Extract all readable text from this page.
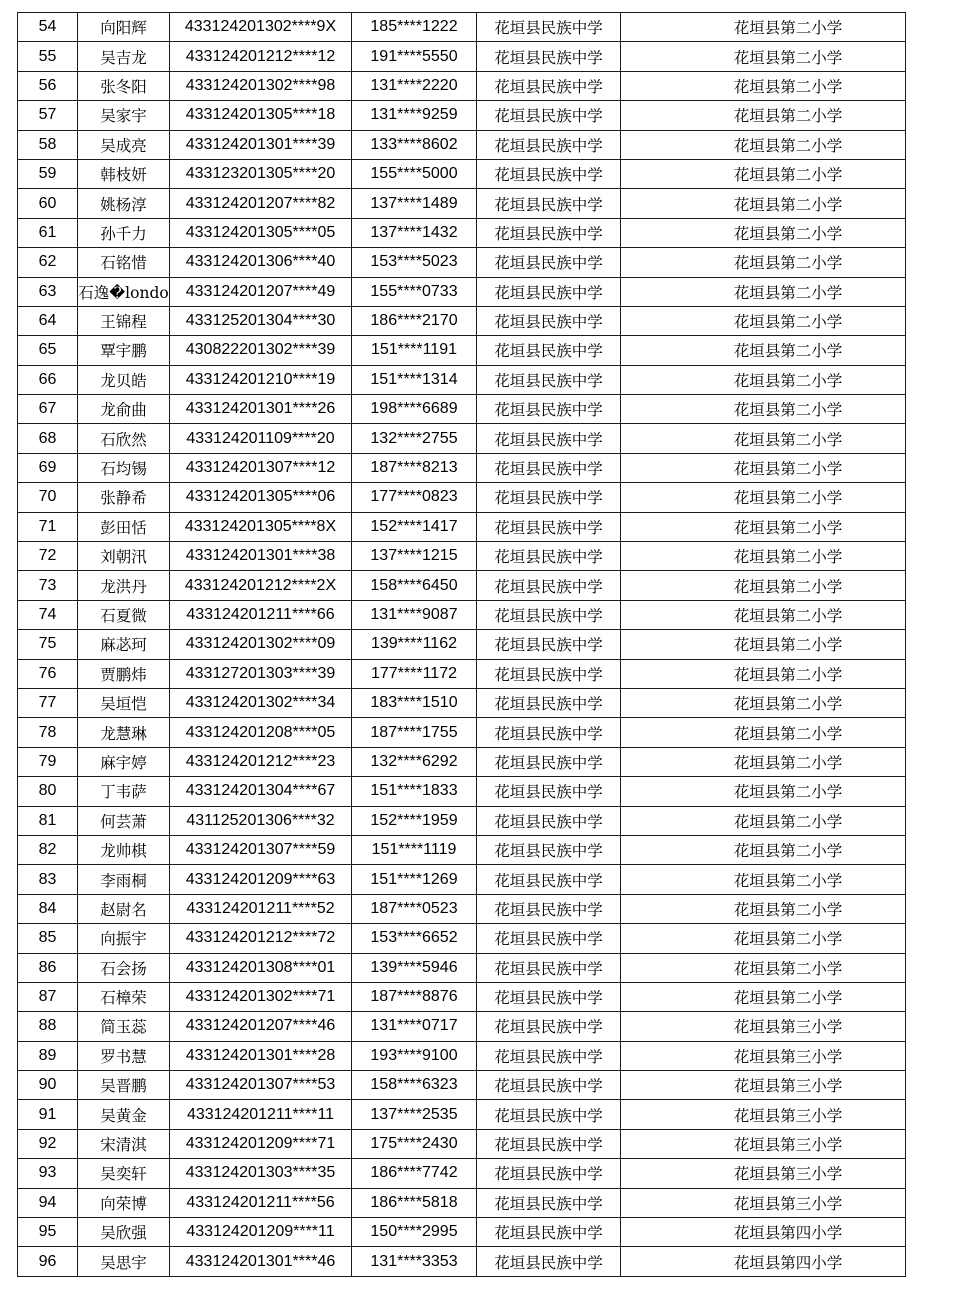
54	向阳辉	433124201302****9X	185****1222	花垣县民族中学	花垣县第二小学
55	吴吉龙	433124201212****12	191****5550	花垣县民族中学	花垣县第二小学
56	张冬阳	433124201302****98	131****2220	花垣县民族中学	花垣县第二小学
57	吴家宇	433124201305****18	131****9259	花垣县民族中学	花垣县第二小学
58	吴成亮	433124201301****39	133****8602	花垣县民族中学	花垣县第二小学
59	韩枝妍	433123201305****20	155****5000	花垣县民族中学	花垣县第二小学
60	姚杨淳	433124201207****82	137****1489	花垣县民族中学	花垣县第二小学
61	孙千力	433124201305****05	137****1432	花垣县民族中学	花垣县第二小学
62	石铭惜	433124201306****40	153****5023	花垣县民族中学	花垣县第二小学
63	石逸�londo	433124201207****49	155****0733	花垣县民族中学	花垣县第二小学
64	王锦程	433125201304****30	186****2170	花垣县民族中学	花垣县第二小学
65	覃宇鹏	430822201302****39	151****1191	花垣县民族中学	花垣县第二小学
66	龙贝皓	433124201210****19	151****1314	花垣县民族中学	花垣县第二小学
67	龙俞曲	433124201301****26	198****6689	花垣县民族中学	花垣县第二小学
68	石欣然	433124201109****20	132****2755	花垣县民族中学	花垣县第二小学
69	石均锡	433124201307****12	187****8213	花垣县民族中学	花垣县第二小学
70	张静希	433124201305****06	177****0823	花垣县民族中学	花垣县第二小学
71	彭田恬	433124201305****8X	152****1417	花垣县民族中学	花垣县第二小学
72	刘朝汛	433124201301****38	137****1215	花垣县民族中学	花垣县第二小学
73	龙洪丹	433124201212****2X	158****6450	花垣县民族中学	花垣县第二小学
74	石夏微	433124201211****66	131****9087	花垣县民族中学	花垣县第二小学
75	麻苾珂	433124201302****09	139****1162	花垣县民族中学	花垣县第二小学
76	贾鹏炜	433127201303****39	177****1172	花垣县民族中学	花垣县第二小学
77	吴垣恺	433124201302****34	183****1510	花垣县民族中学	花垣县第二小学
78	龙慧琳	433124201208****05	187****1755	花垣县民族中学	花垣县第二小学
79	麻宇婷	433124201212****23	132****6292	花垣县民族中学	花垣县第二小学
80	丁韦萨	433124201304****67	151****1833	花垣县民族中学	花垣县第二小学
81	何芸萧	431125201306****32	152****1959	花垣县民族中学	花垣县第二小学
82	龙帅棋	433124201307****59	151****1119	花垣县民族中学	花垣县第二小学
83	李雨桐	433124201209****63	151****1269	花垣县民族中学	花垣县第二小学
84	赵尉名	433124201211****52	187****0523	花垣县民族中学	花垣县第二小学
85	向振宇	433124201212****72	153****6652	花垣县民族中学	花垣县第二小学
86	石会扬	433124201308****01	139****5946	花垣县民族中学	花垣县第二小学
87	石樟荣	433124201302****71	187****8876	花垣县民族中学	花垣县第二小学
88	简玉蕊	433124201207****46	131****0717	花垣县民族中学	花垣县第三小学
89	罗书慧	433124201301****28	193****9100	花垣县民族中学	花垣县第三小学
90	吴晋鹏	433124201307****53	158****6323	花垣县民族中学	花垣县第三小学
91	吴黄金	433124201211****11	137****2535	花垣县民族中学	花垣县第三小学
92	宋清淇	433124201209****71	175****2430	花垣县民族中学	花垣县第三小学
93	吴奕轩	433124201303****35	186****7742	花垣县民族中学	花垣县第三小学
94	向荣博	433124201211****56	186****5818	花垣县民族中学	花垣县第三小学
95	吴欣强	433124201209****11	150****2995	花垣县民族中学	花垣县第四小学
96	吴思宇	433124201301****46	131****3353	花垣县民族中学	花垣县第四小学
